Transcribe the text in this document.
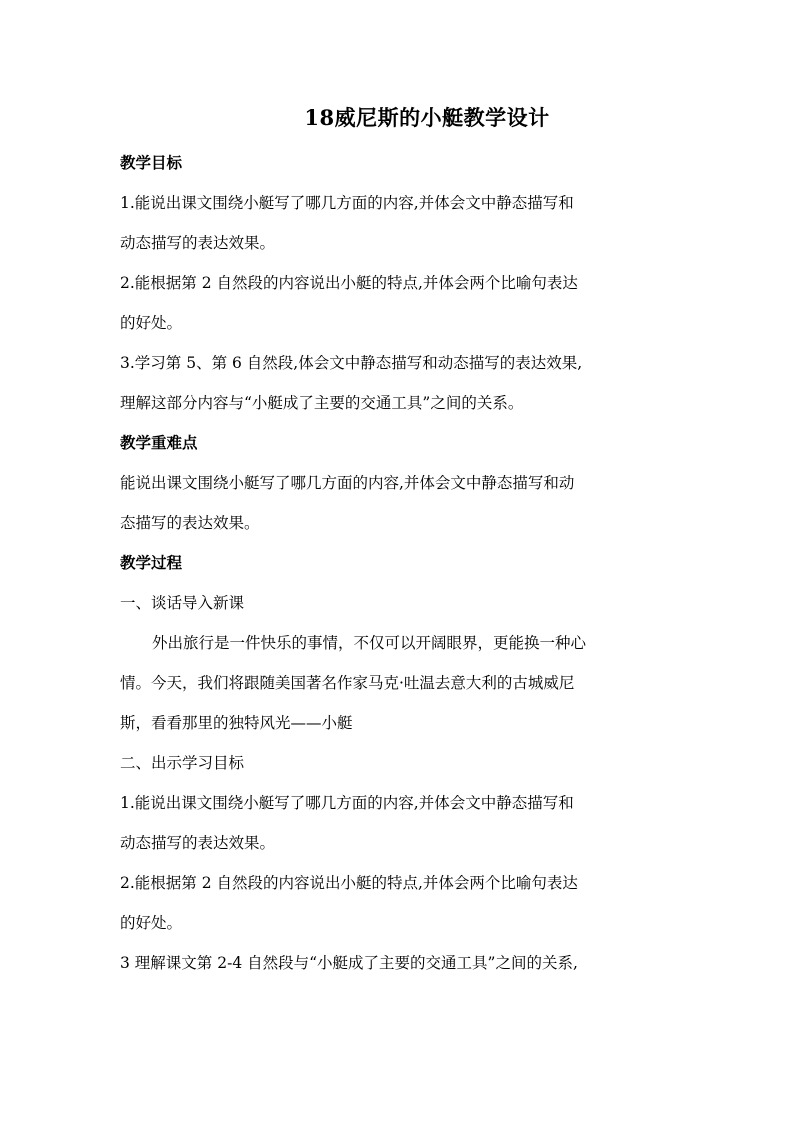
18威尼斯的小艇教学设计
教学目标
1.能说出课文围绕小艇写了哪几方面的内容,并体会文中静态描写和
动态描写的表达效果。
2.能根据第 2 自然段的内容说出小艇的特点,并体会两个比喻句表达
的好处。
3.学习第 5、第 6 自然段,体会文中静态描写和动态描写的表达效果,
理解这部分内容与“小艇成了主要的交通工具”之间的关系。
教学重难点
能说出课文围绕小艇写了哪几方面的内容,并体会文中静态描写和动
态描写的表达效果。
教学过程
一、谈话导入新课
外出旅行是一件快乐的事情，不仅可以开阔眼界，更能换一种心
情。今天，我们将跟随美国著名作家马克·吐温去意大利的古城威尼
斯，看看那里的独特风光——小艇
二、出示学习目标
1.能说出课文围绕小艇写了哪几方面的内容,并体会文中静态描写和
动态描写的表达效果。
2.能根据第 2 自然段的内容说出小艇的特点,并体会两个比喻句表达
的好处。
3 理解课文第 2-4 自然段与“小艇成了主要的交通工具”之间的关系,
